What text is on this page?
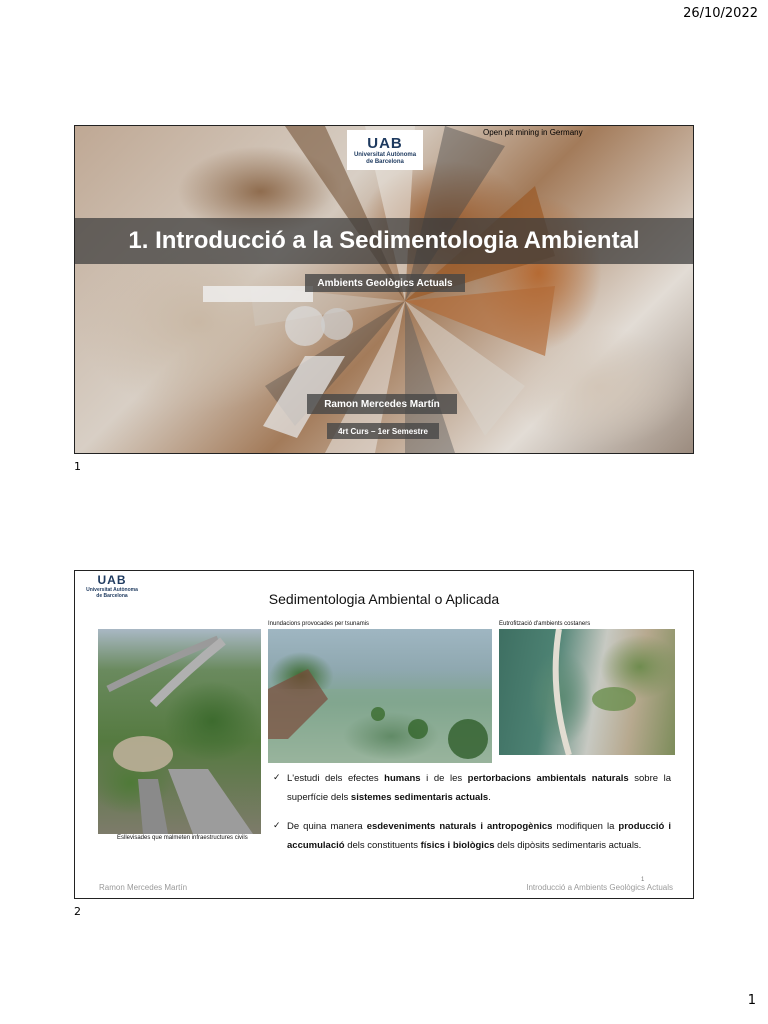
26/10/2022
UAB
Universitat Autònoma
de Barcelona
Open pit mining in Germany
1. Introducció a la Sedimentologia Ambiental
Ambients Geològics Actuals
Ramon Mercedes Martín
4rt Curs – 1er Semestre
1
UAB
Universitat Autònoma
de Barcelona	Sedimentologia Ambiental o Aplicada
Esllevisades que malmeten infraestructures civils
Inundacions provocades per tsunamis	Eutrofització d'ambients costaners
✓ L'estudi dels efectes humans i de les pertorbacions ambientals naturals sobre la superfície dels sistemes sedimentaris actuals.
✓ De quina manera esdeveniments naturals i antropogènics modifiquen la producció i accumulació dels constituents físics i biològics dels dipòsits sedimentaris actuals.
Ramon Mercedes Martín
1
Introducció a Ambients Geològics Actuals
2
1
